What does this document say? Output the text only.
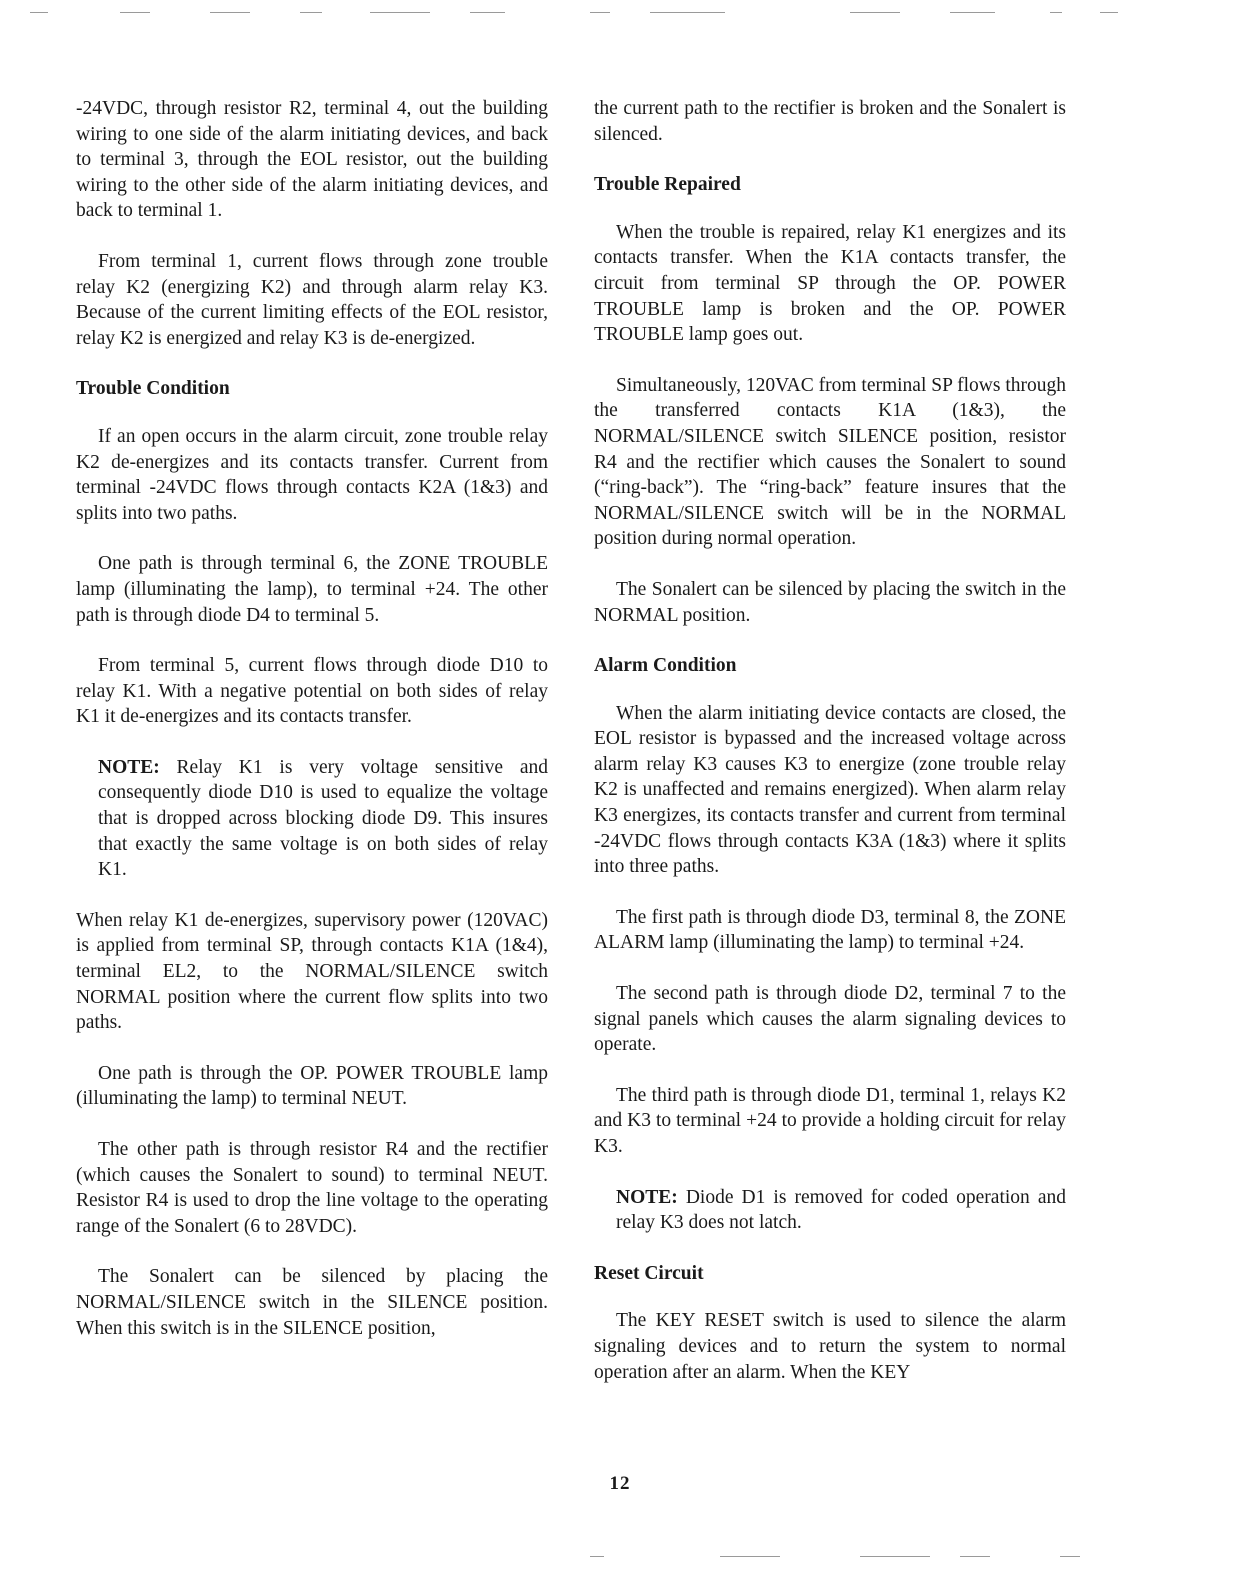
-24VDC, through resistor R2, terminal 4, out the building wiring to one side of the alarm initiating devices, and back to terminal 3, through the EOL resistor, out the building wiring to the other side of the alarm initiating devices, and back to terminal 1.

From terminal 1, current flows through zone trouble relay K2 (energizing K2) and through alarm relay K3. Because of the current limiting effects of the EOL resistor, relay K2 is energized and relay K3 is de-energized.

Trouble Condition

If an open occurs in the alarm circuit, zone trouble relay K2 de-energizes and its contacts transfer. Current from terminal -24VDC flows through contacts K2A (1&3) and splits into two paths.

One path is through terminal 6, the ZONE TROUBLE lamp (illuminating the lamp), to terminal +24. The other path is through diode D4 to terminal 5.

From terminal 5, current flows through diode D10 to relay K1. With a negative potential on both sides of relay K1 it de-energizes and its contacts transfer.

NOTE: Relay K1 is very voltage sensitive and consequently diode D10 is used to equalize the voltage that is dropped across blocking diode D9. This insures that exactly the same voltage is on both sides of relay K1.

When relay K1 de-energizes, supervisory power (120VAC) is applied from terminal SP, through contacts K1A (1&4), terminal EL2, to the NORMAL/SILENCE switch NORMAL position where the current flow splits into two paths.

One path is through the OP. POWER TROUBLE lamp (illuminating the lamp) to terminal NEUT.

The other path is through resistor R4 and the rectifier (which causes the Sonalert to sound) to terminal NEUT. Resistor R4 is used to drop the line voltage to the operating range of the Sonalert (6 to 28VDC).

The Sonalert can be silenced by placing the NORMAL/SILENCE switch in the SILENCE position. When this switch is in the SILENCE position,

the current path to the rectifier is broken and the Sonalert is silenced.

Trouble Repaired

When the trouble is repaired, relay K1 energizes and its contacts transfer. When the K1A contacts transfer, the circuit from terminal SP through the OP. POWER TROUBLE lamp is broken and the OP. POWER TROUBLE lamp goes out.

Simultaneously, 120VAC from terminal SP flows through the transferred contacts K1A (1&3), the NORMAL/SILENCE switch SILENCE position, resistor R4 and the rectifier which causes the Sonalert to sound (“ring-back”). The “ring-back” feature insures that the NORMAL/SILENCE switch will be in the NORMAL position during normal operation.

The Sonalert can be silenced by placing the switch in the NORMAL position.

Alarm Condition

When the alarm initiating device contacts are closed, the EOL resistor is bypassed and the increased voltage across alarm relay K3 causes K3 to energize (zone trouble relay K2 is unaffected and remains energized). When alarm relay K3 energizes, its contacts transfer and current from terminal -24VDC flows through contacts K3A (1&3) where it splits into three paths.

The first path is through diode D3, terminal 8, the ZONE ALARM lamp (illuminating the lamp) to terminal +24.

The second path is through diode D2, terminal 7 to the signal panels which causes the alarm signaling devices to operate.

The third path is through diode D1, terminal 1, relays K2 and K3 to terminal +24 to provide a holding circuit for relay K3.

NOTE: Diode D1 is removed for coded operation and relay K3 does not latch.
Reset Circuit

The KEY RESET switch is used to silence the alarm signaling devices and to return the system to normal operation after an alarm. When the KEY

12
